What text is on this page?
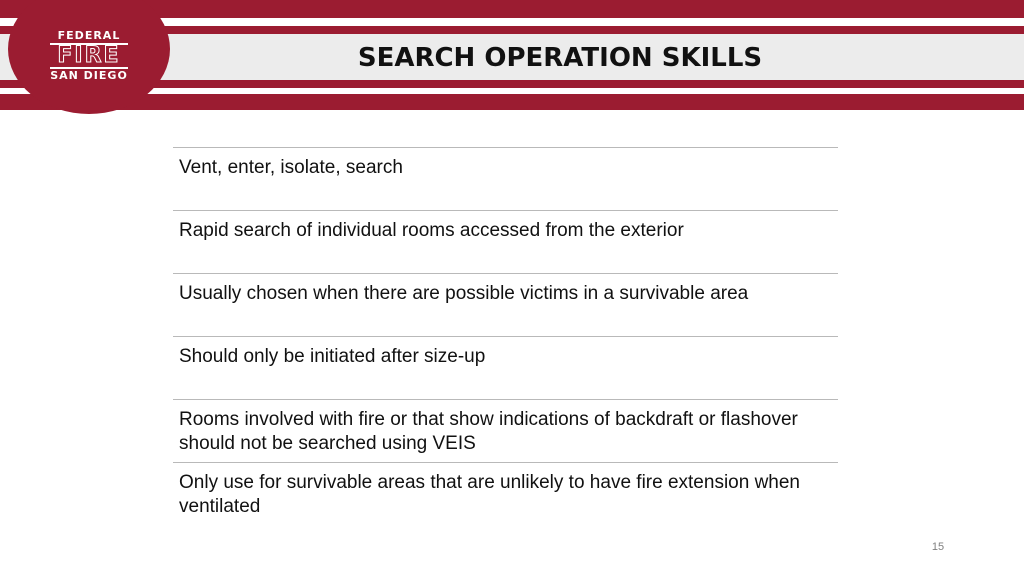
FEDERAL
FIRE
SAN DIEGO
SEARCH OPERATION SKILLS
Vent, enter, isolate, search
Rapid search of individual rooms accessed from the exterior
Usually chosen when there are possible victims in a survivable area
Should only be initiated after size-up
Rooms involved with fire or that show indications of backdraft or flashover should not be searched using VEIS
Only use for survivable areas that are unlikely to have fire extension when ventilated
15
